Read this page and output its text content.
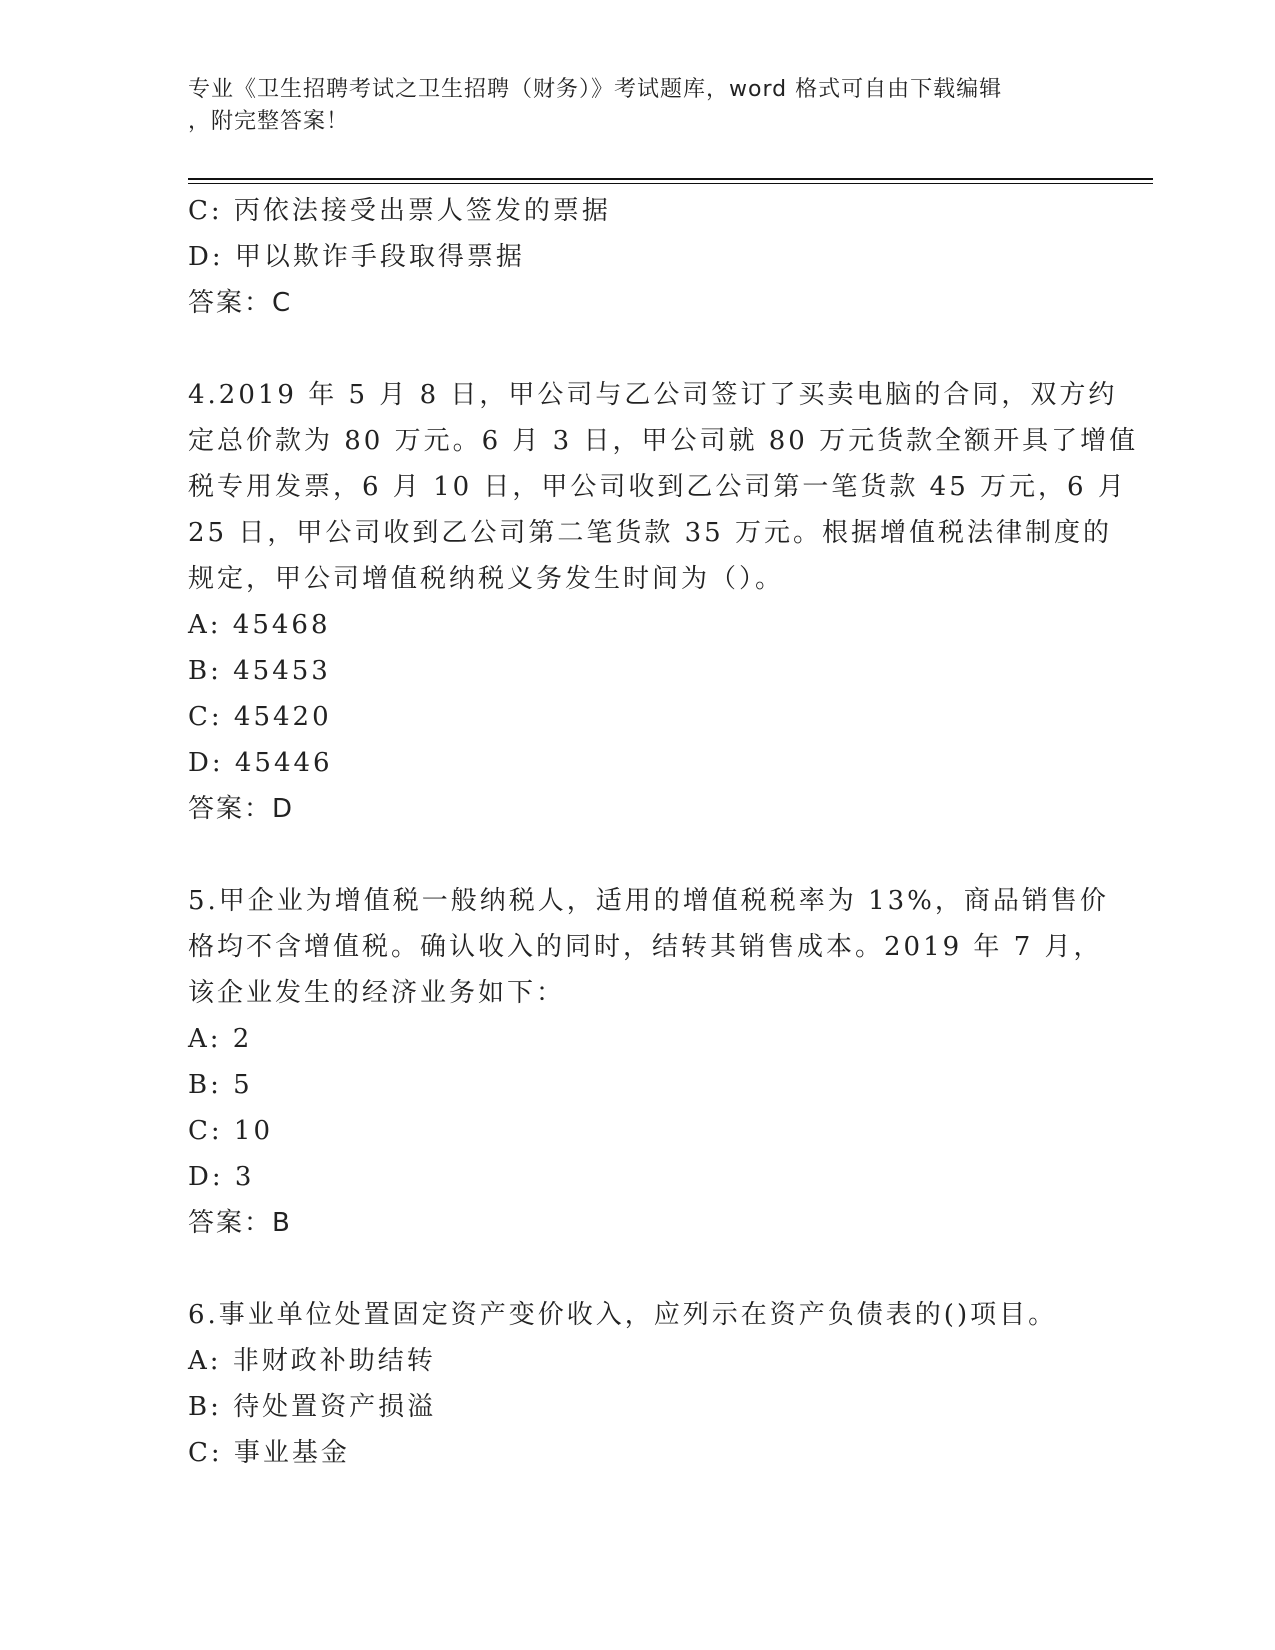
专业《卫生招聘考试之卫生招聘（财务）》考试题库，word 格式可自由下载编辑
，附完整答案！
C: 丙依法接受出票人签发的票据
D: 甲以欺诈手段取得票据
答案：C
4.2019 年 5 月 8 日，甲公司与乙公司签订了买卖电脑的合同，双方约
定总价款为 80 万元。6 月 3 日，甲公司就 80 万元货款全额开具了增值
税专用发票，6 月 10 日，甲公司收到乙公司第一笔货款 45 万元，6 月
25 日，甲公司收到乙公司第二笔货款 35 万元。根据增值税法律制度的
规定，甲公司增值税纳税义务发生时间为（）。
A: 45468
B: 45453
C: 45420
D: 45446
答案：D
5.甲企业为增值税一般纳税人，适用的增值税税率为 13%，商品销售价
格均不含增值税。确认收入的同时，结转其销售成本。2019 年 7 月，
该企业发生的经济业务如下：
A: 2
B: 5
C: 10
D: 3
答案：B
6.事业单位处置固定资产变价收入，应列示在资产负债表的()项目。
A: 非财政补助结转
B: 待处置资产损溢
C: 事业基金
